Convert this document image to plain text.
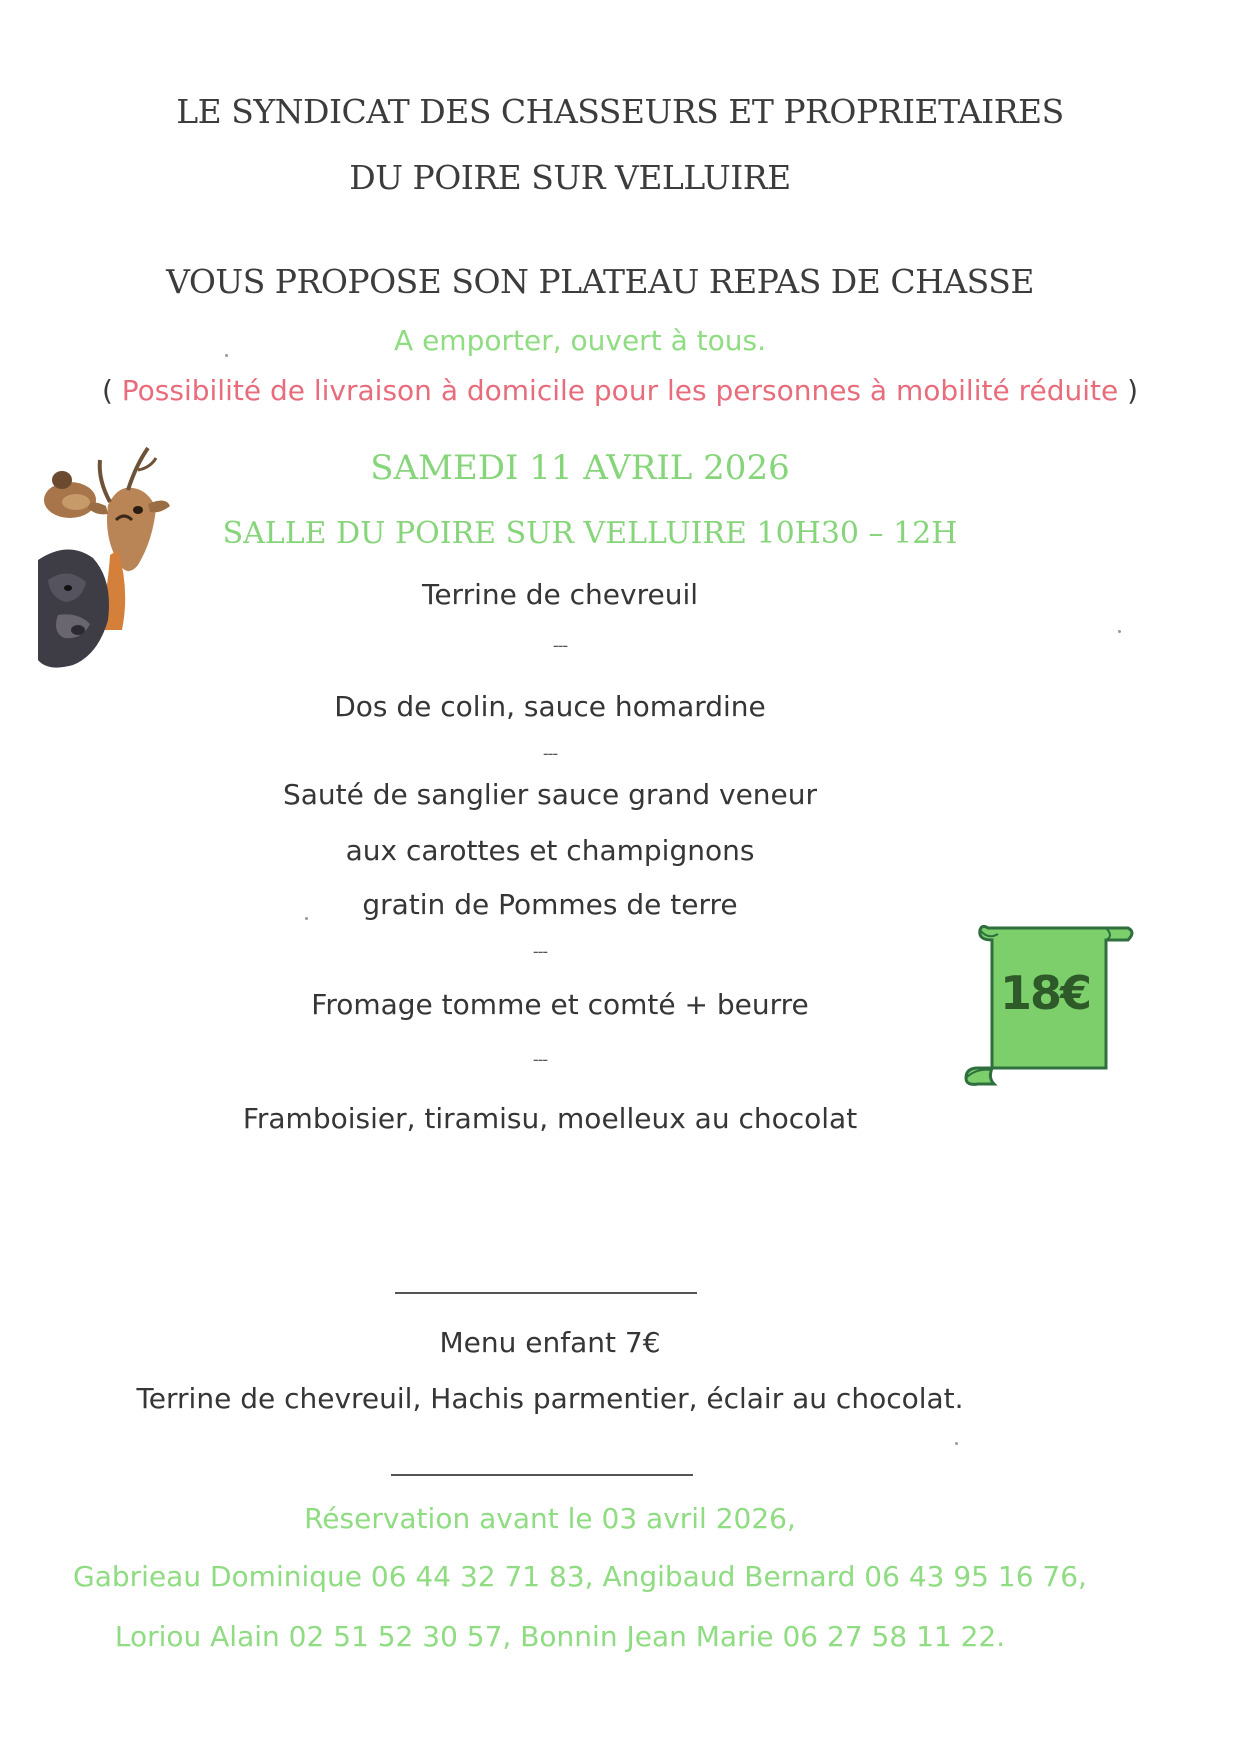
LE SYNDICAT DES CHASSEURS ET PROPRIETAIRES
DU POIRE SUR VELLUIRE
VOUS PROPOSE SON PLATEAU REPAS DE CHASSE
A emporter, ouvert à tous.
( Possibilité de livraison à domicile pour les personnes à mobilité réduite )
SAMEDI 11 AVRIL 2026
SALLE DU POIRE SUR VELLUIRE 10H30 – 12H
Terrine de chevreuil
---
Dos de colin, sauce homardine
---
Sauté de sanglier sauce grand veneur
aux carottes et champignons
gratin de Pommes de terre
---
Fromage tomme et comté + beurre
---
Framboisier, tiramisu, moelleux au chocolat
18€
Menu enfant 7€
Terrine de chevreuil, Hachis parmentier, éclair au chocolat.
Réservation avant le 03 avril 2026,
Gabrieau Dominique 06 44 32 71 83, Angibaud Bernard 06 43 95 16 76,
Loriou Alain 02 51 52 30 57, Bonnin Jean Marie 06 27 58 11 22.
